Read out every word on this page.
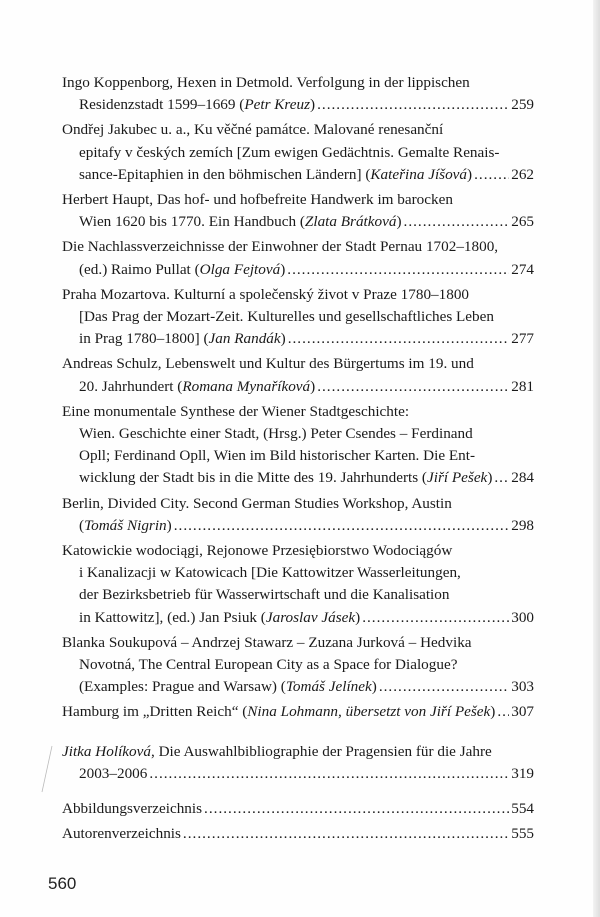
Ingo Koppenborg, Hexen in Detmold. Verfolgung in der lippischen
Residenzstadt 1599–1669 (Petr Kreuz) .....	259
Ondřej Jakubec u. a., Ku věčné památce. Malované renesanční
epitafy v českých zemích [Zum ewigen Gedächtnis. Gemalte Renais-
sance-Epitaphien in den böhmischen Ländern] (Kateřina Jíšová) .....	262
Herbert Haupt, Das hof- und hofbefreite Handwerk im barocken
Wien 1620 bis 1770. Ein Handbuch (Zlata Brátková) .....	265
Die Nachlassverzeichnisse der Einwohner der Stadt Pernau 1702–1800,
(ed.) Raimo Pullat (Olga Fejtová) .....	274
Praha Mozartova. Kulturní a společenský život v Praze 1780–1800
[Das Prag der Mozart-Zeit. Kulturelles und gesellschaftliches Leben
in Prag 1780–1800] (Jan Randák) .....	277
Andreas Schulz, Lebenswelt und Kultur des Bürgertums im 19. und
20. Jahrhundert (Romana Mynaříková) .....	281
Eine monumentale Synthese der Wiener Stadtgeschichte:
Wien. Geschichte einer Stadt, (Hrsg.) Peter Csendes – Ferdinand
Opll; Ferdinand Opll, Wien im Bild historischer Karten. Die Ent-
wicklung der Stadt bis in die Mitte des 19. Jahrhunderts (Jiří Pešek) ..... 284
Berlin, Divided City. Second German Studies Workshop, Austin
(Tomáš Nigrin) .....	298
Katowickie wodociągi, Rejonowe Przesiębiorstwo Wodociągów
i Kanalizacji w Katowicach [Die Kattowitzer Wasserleitungen,
der Bezirksbetrieb für Wasserwirtschaft und die Kanalisation
in Kattowitz], (ed.) Jan Psiuk (Jaroslav Jásek) .....	300
Blanka Soukupová – Andrzej Stawarz – Zuzana Jurková – Hedvika
Novotná, The Central European City as a Space for Dialogue?
(Examples: Prague and Warsaw) (Tomáš Jelínek) .....	303
Hamburg im „Dritten Reich“ (Nina Lohmann, übersetzt von Jiří Pešek) ..... 307
Jitka Holíková, Die Auswahlbibliographie der Pragensien für die Jahre
2003–2006 .....	319
Abbildungsverzeichnis .....	554
Autorenverzeichnis .....	555
560
